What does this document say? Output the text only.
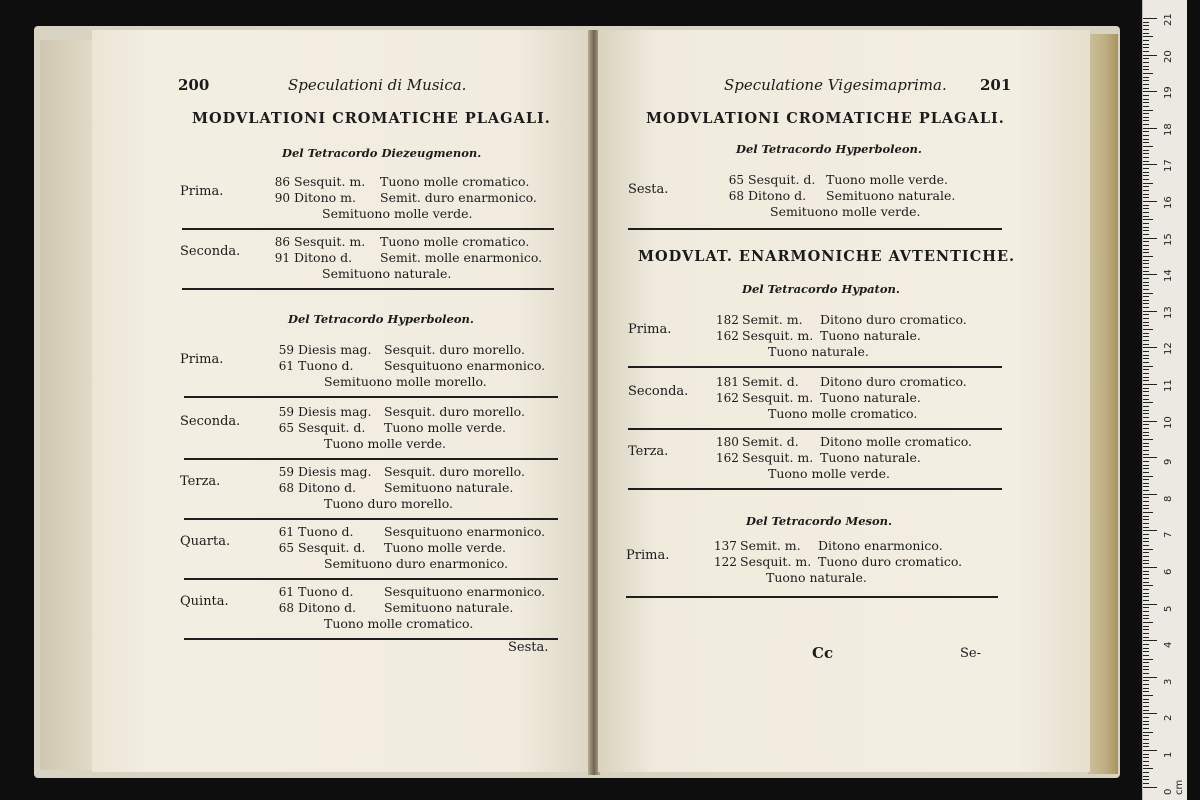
200	Speculationi di Musica.
MODVLATIONI CROMATICHE PLAGALI.
Del Tetracordo Diezeugmenon.
Prima.
86 Sesquit. m. Tuono molle cromatico.
90 Ditono m. Semit. duro enarmonico.
Semituono molle verde.
Seconda.
86 Sesquit. m. Tuono molle cromatico.
91 Ditono d. Semit. molle enarmonico.
Semituono naturale.
Del Tetracordo Hyperboleon.
Prima.
59 Diesis mag. Sesquit. duro morello.
61 Tuono d. Sesquituono enarmonico.
Semituono molle morello.
Seconda.
59 Diesis mag. Sesquit. duro morello.
65 Sesquit. d. Tuono molle verde.
Tuono molle verde.
Terza.
59 Diesis mag. Sesquit. duro morello.
68 Ditono d. Semituono naturale.
Tuono duro morello.
Quarta.
61 Tuono d. Sesquituono enarmonico.
65 Sesquit. d. Tuono molle verde.
Semituono duro enarmonico.
Quinta.
61 Tuono d. Sesquituono enarmonico.
68 Ditono d. Semituono naturale.
Tuono molle cromatico.
Sesta.
Speculatione Vigesimaprima. 201
MODVLATIONI CROMATICHE PLAGALI.
Del Tetracordo Hyperboleon.
Sesta.
65 Sesquit. d. Tuono molle verde.
68 Ditono d. Semituono naturale.
Semituono molle verde.
MODVLAT. ENARMONICHE AVTENTICHE.
Del Tetracordo Hypaton.
Prima.
182 Semit. m. Ditono duro cromatico.
162 Sesquit. m. Tuono naturale.
Tuono naturale.
Seconda.
181 Semit. d. Ditono duro cromatico.
162 Sesquit. m. Tuono naturale.
Tuono molle cromatico.
Terza.
180 Semit. d. Ditono molle cromatico.
162 Sesquit. m. Tuono naturale.
Tuono molle verde.
Del Tetracordo Meson.
Prima.
137 Semit. m. Ditono enarmonico.
122 Sesquit. m. Tuono duro cromatico.
Tuono naturale.
Cc	Se-
21
20
19
18
17
16
15
14
13
12
11
10
9
8
7
6
5
4
3
2
1
0 cm
